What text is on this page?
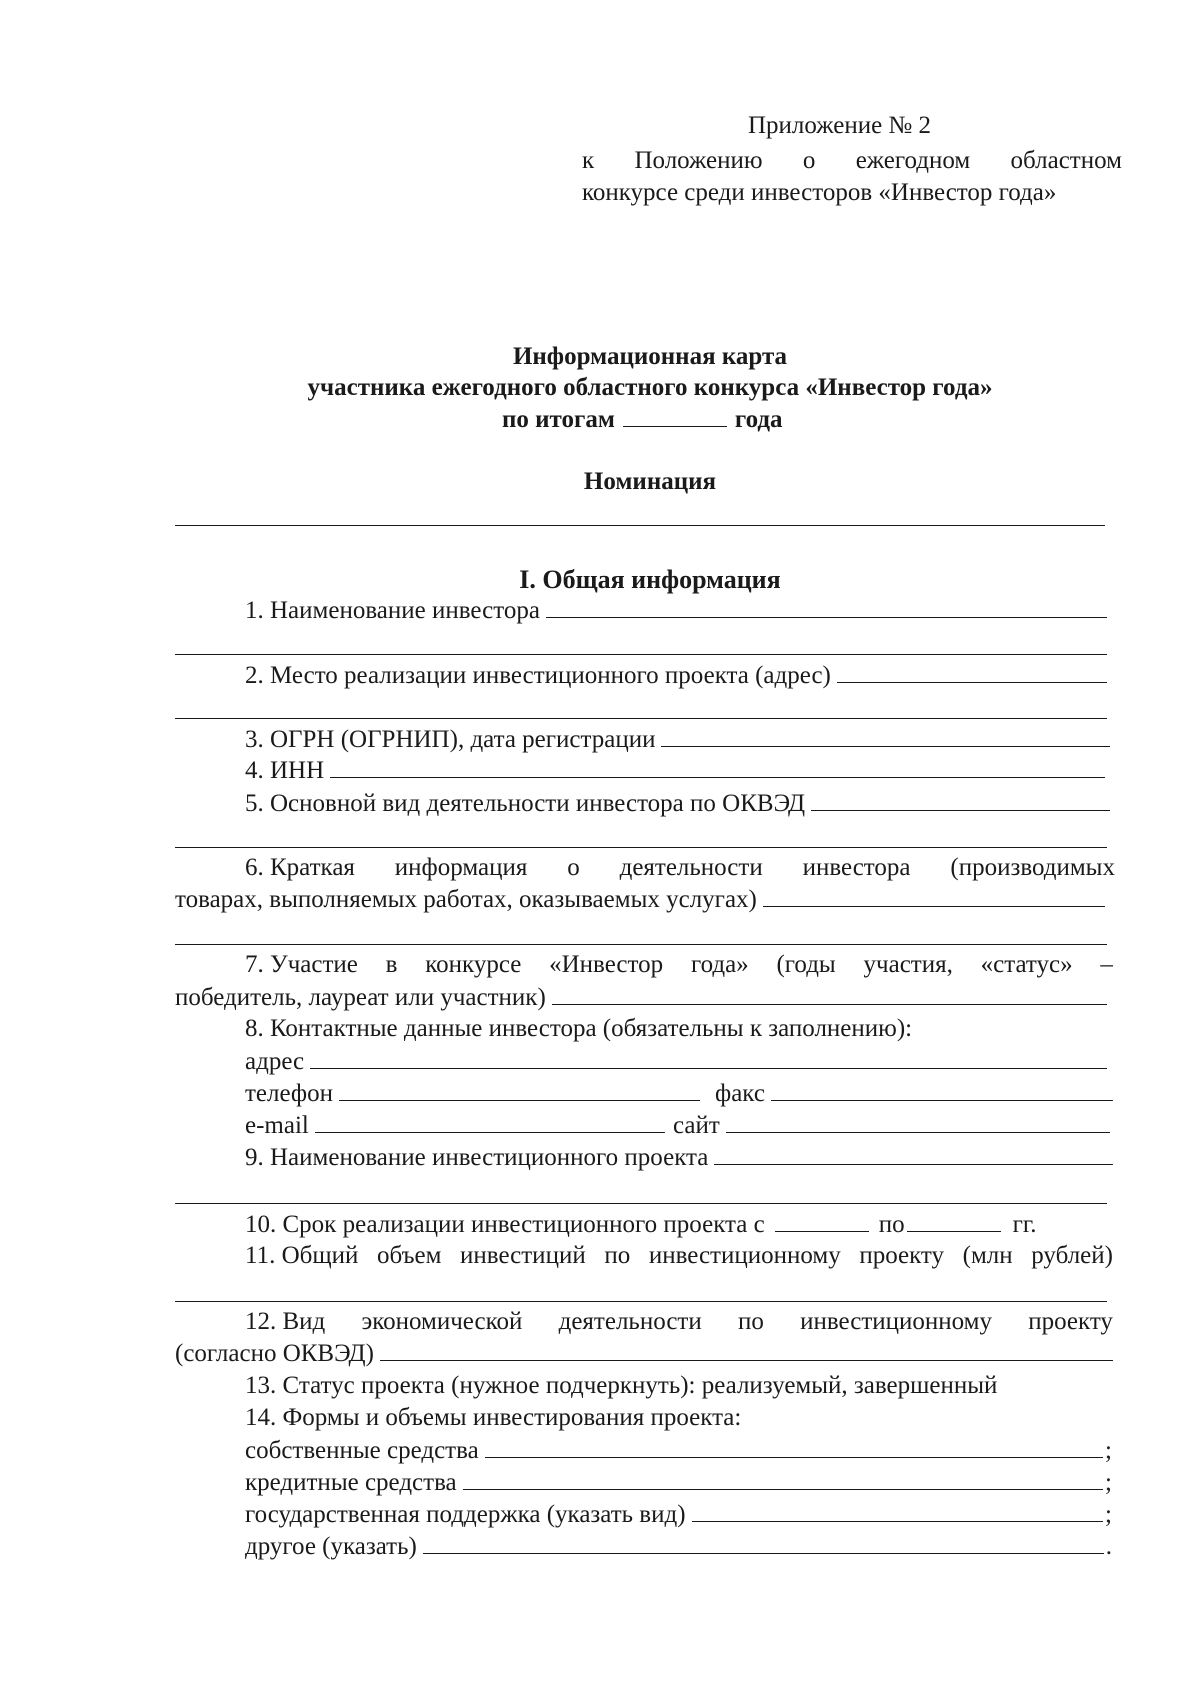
Приложение № 2
к Положению о ежегодном областном
конкурсе среди инвесторов «Инвестор года»
Информационная карта
участника ежегодного областного конкурса «Инвестор года»
по итогам	года
Номинация
I. Общая информация
1. Наименование инвестора
2. Место реализации инвестиционного проекта (адрес)
3. ОГРН (ОГРНИП), дата регистрации
4. ИНН
5. Основной вид деятельности инвестора по ОКВЭД
6. Краткая информация о деятельности инвестора (производимых
товарах, выполняемых работах, оказываемых услугах)
7. Участие в конкурсе «Инвестор года» (годы участия, «статус» –
победитель, лауреат или участник)
8. Контактные данные инвестора (обязательны к заполнению):
адрес
телефон	факс
e-mail	сайт
9. Наименование инвестиционного проекта
10. Срок реализации инвестиционного проекта с	по	гг.
11. Общий объем инвестиций по инвестиционному проекту (млн рублей)
12. Вид экономической деятельности по инвестиционному проекту
(согласно ОКВЭД)
13. Статус проекта (нужное подчеркнуть): реализуемый, завершенный
14. Формы и объемы инвестирования проекта:
собственные средства	;
кредитные средства	;
государственная поддержка (указать вид)	;
другое (указать)	.
